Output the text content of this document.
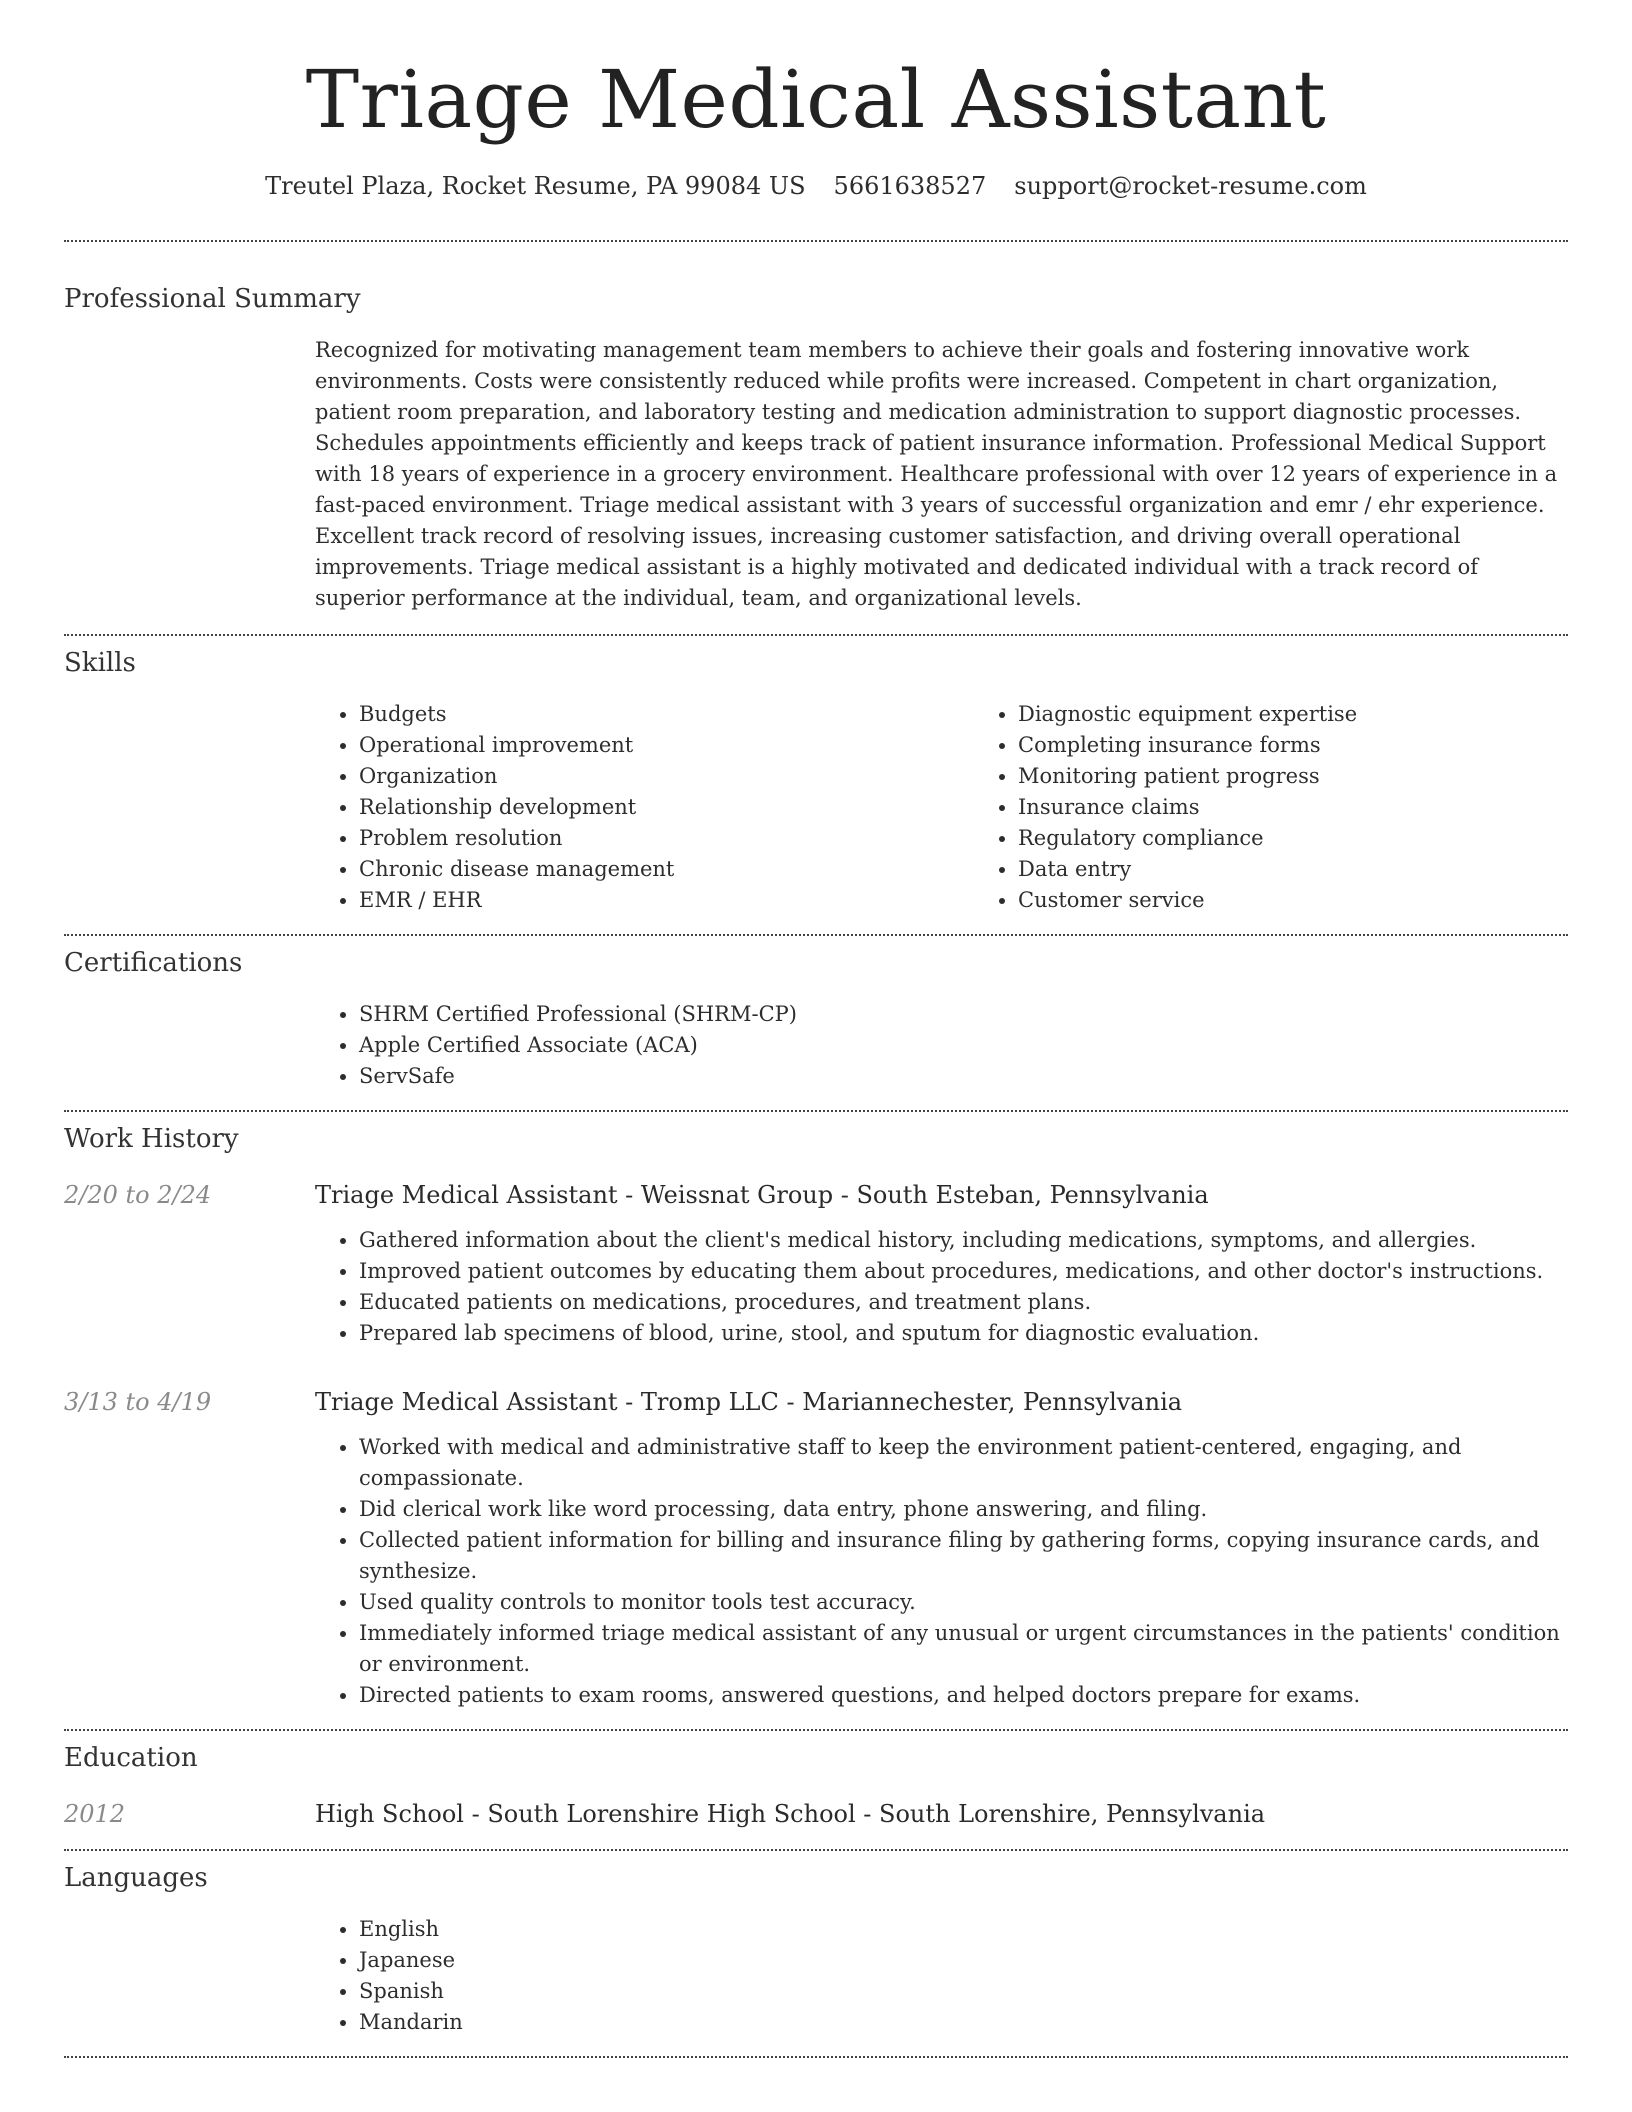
Triage Medical Assistant
Treutel Plaza, Rocket Resume, PA 99084 US 5661638527 support@rocket-resume.com
Professional Summary

Recognized for motivating management team members to achieve their goals and fostering innovative work environments. Costs were consistently reduced while profits were increased. Competent in chart organization, patient room preparation, and laboratory testing and medication administration to support diagnostic processes. Schedules appointments efficiently and keeps track of patient insurance information. Professional Medical Support with 18 years of experience in a grocery environment. Healthcare professional with over 12 years of experience in a fast-paced environment. Triage medical assistant with 3 years of successful organization and emr / ehr experience. Excellent track record of resolving issues, increasing customer satisfaction, and driving overall operational improvements. Triage medical assistant is a highly motivated and dedicated individual with a track record of superior performance at the individual, team, and organizational levels.

Skills
• Budgets
• Operational improvement
• Organization
• Relationship development
• Problem resolution
• Chronic disease management
• EMR / EHR
• Diagnostic equipment expertise
• Completing insurance forms
• Monitoring patient progress
• Insurance claims
• Regulatory compliance
• Data entry
• Customer service
Certifications
• SHRM Certified Professional (SHRM-CP)
• Apple Certified Associate (ACA)
• ServSafe
Work History
2/20 to 2/24	Triage Medical Assistant - Weissnat Group - South Esteban, Pennsylvania
• Gathered information about the client's medical history, including medications, symptoms, and allergies.
• Improved patient outcomes by educating them about procedures, medications, and other doctor's instructions.
• Educated patients on medications, procedures, and treatment plans.
• Prepared lab specimens of blood, urine, stool, and sputum for diagnostic evaluation.
3/13 to 4/19	Triage Medical Assistant - Tromp LLC - Mariannechester, Pennsylvania
• Worked with medical and administrative staff to keep the environment patient-centered, engaging, and compassionate.
• Did clerical work like word processing, data entry, phone answering, and filing.
• Collected patient information for billing and insurance filing by gathering forms, copying insurance cards, and synthesize.
• Used quality controls to monitor tools test accuracy.
• Immediately informed triage medical assistant of any unusual or urgent circumstances in the patients' condition or environment.
• Directed patients to exam rooms, answered questions, and helped doctors prepare for exams.
Education
2012	High School - South Lorenshire High School - South Lorenshire, Pennsylvania
Languages
• English
• Japanese
• Spanish
• Mandarin
